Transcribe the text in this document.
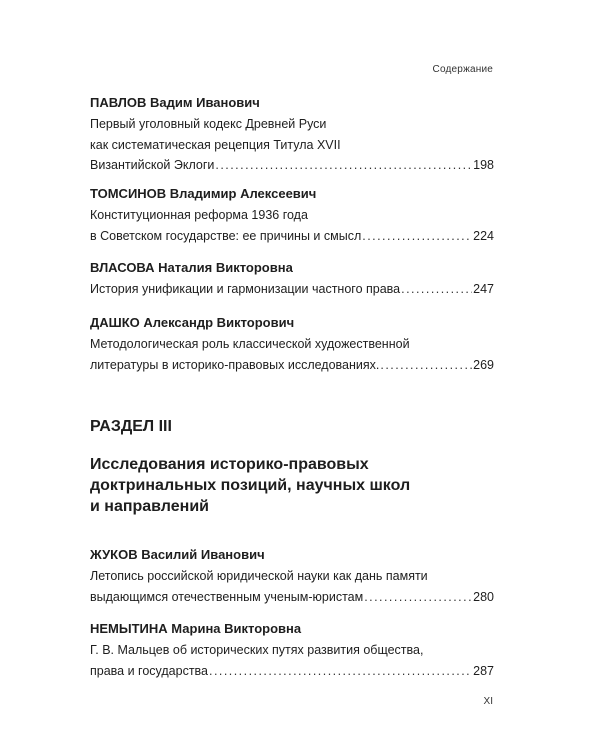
Содержание
ПАВЛОВ Вадим Иванович
Первый уголовный кодекс Древней Руси
как систематическая рецепция Титула XVII
Византийской Эклоги . . .	198
ТОМСИНОВ Владимир Алексеевич
Конституционная реформа 1936 года
в Советском государстве: ее причины и смысл . . .	224
ВЛАСОВА Наталия Викторовна
История унификации и гармонизации частного права . . .	247
ДАШКО Александр Викторович
Методологическая роль классической художественной
литературы в историко-правовых исследованиях. . . .	269
РАЗДЕЛ III
Исследования историко-правовых
доктринальных позиций, научных школ
и направлений
ЖУКОВ Василий Иванович
Летопись российской юридической науки как дань памяти
выдающимся отечественным ученым-юристам . . .	280
НЕМЫТИНА Марина Викторовна
Г. В. Мальцев об исторических путях развития общества,
права и государства . . .	287
XI
